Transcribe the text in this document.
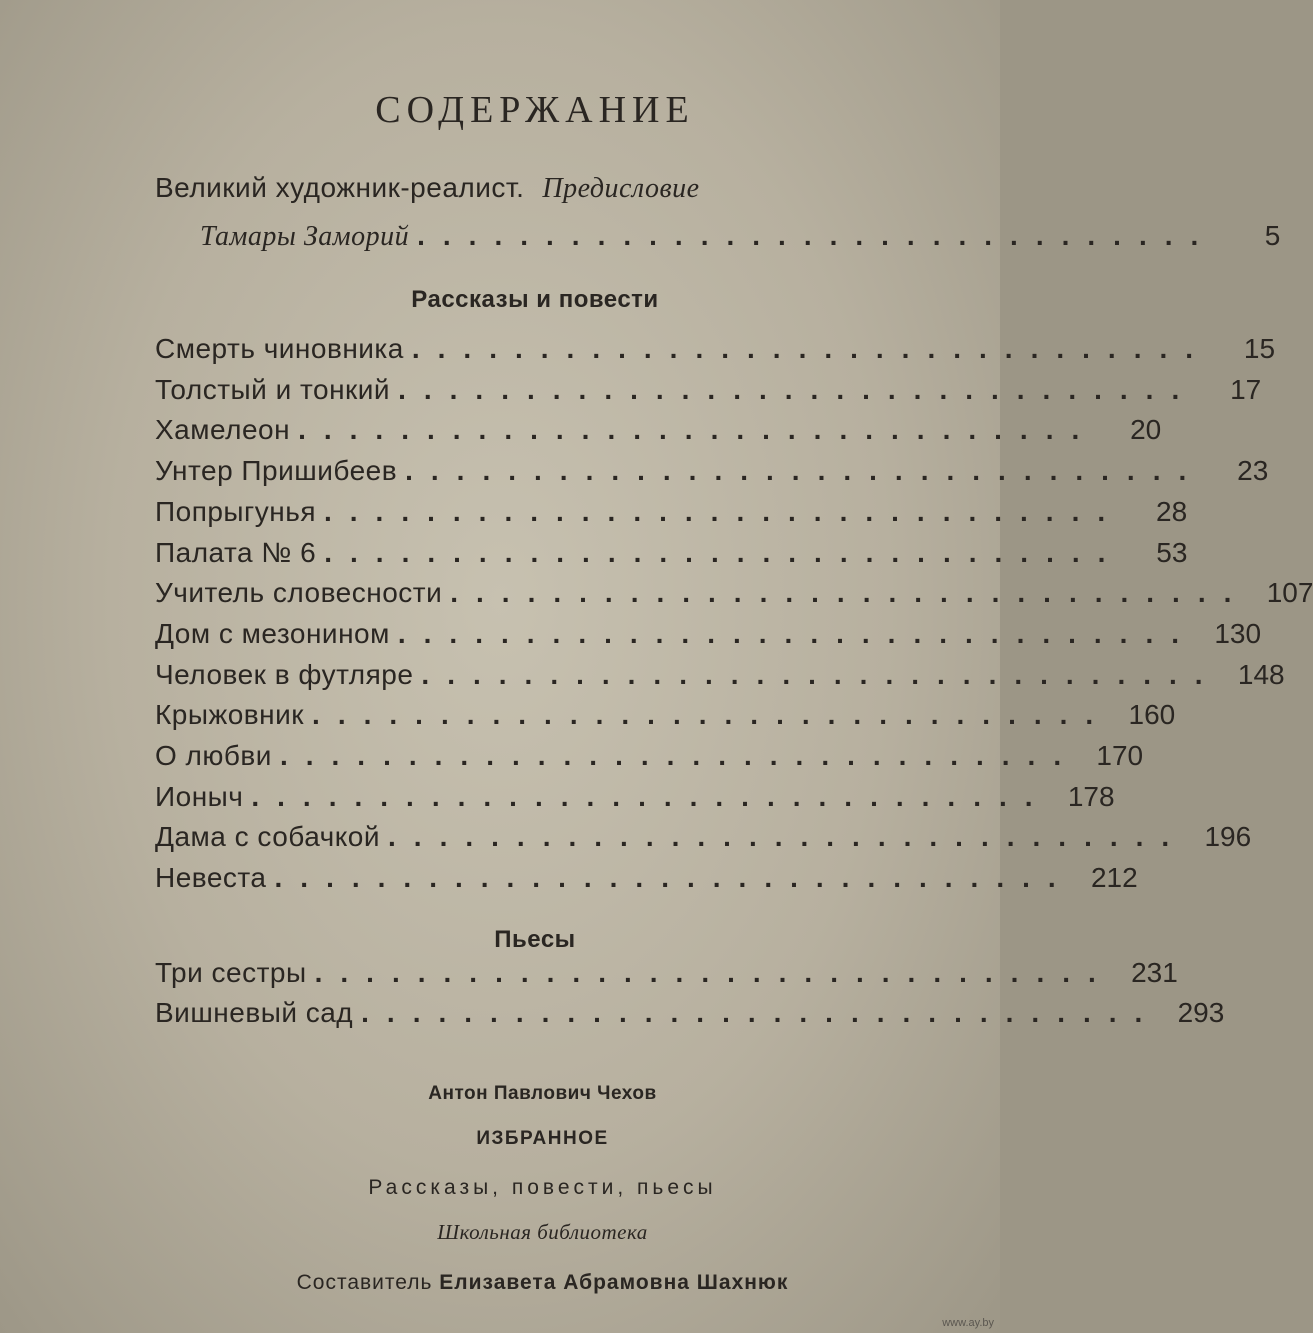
СОДЕРЖАНИЕ
Великий художник-реалист. Предисловие
Тамары Заморий ...............................	5
Рассказы и повести
Смерть чиновника ...............................	15
Толстый и тонкий ...............................	17
Хамелеон ...............................	20
Унтер Пришибеев ...............................	23
Попрыгунья ...............................	28
Палата № 6 ...............................	53
Учитель словесности ............................... 107
Дом с мезонином ............................... 130
Человек в футляре ............................... 148
Крыжовник ............................... 160
О любви ............................... 170
Ионыч ............................... 178
Дама с собачкой ............................... 196
Невеста ............................... 212
Пьесы
Три сестры ............................... 231
Вишневый сад ............................... 293
Антон Павлович Чехов
ИЗБРАННОЕ
Рассказы, повести, пьесы
Школьная библиотека
Составитель Елизавета Абрамовна Шахнюк
www.ay.by
